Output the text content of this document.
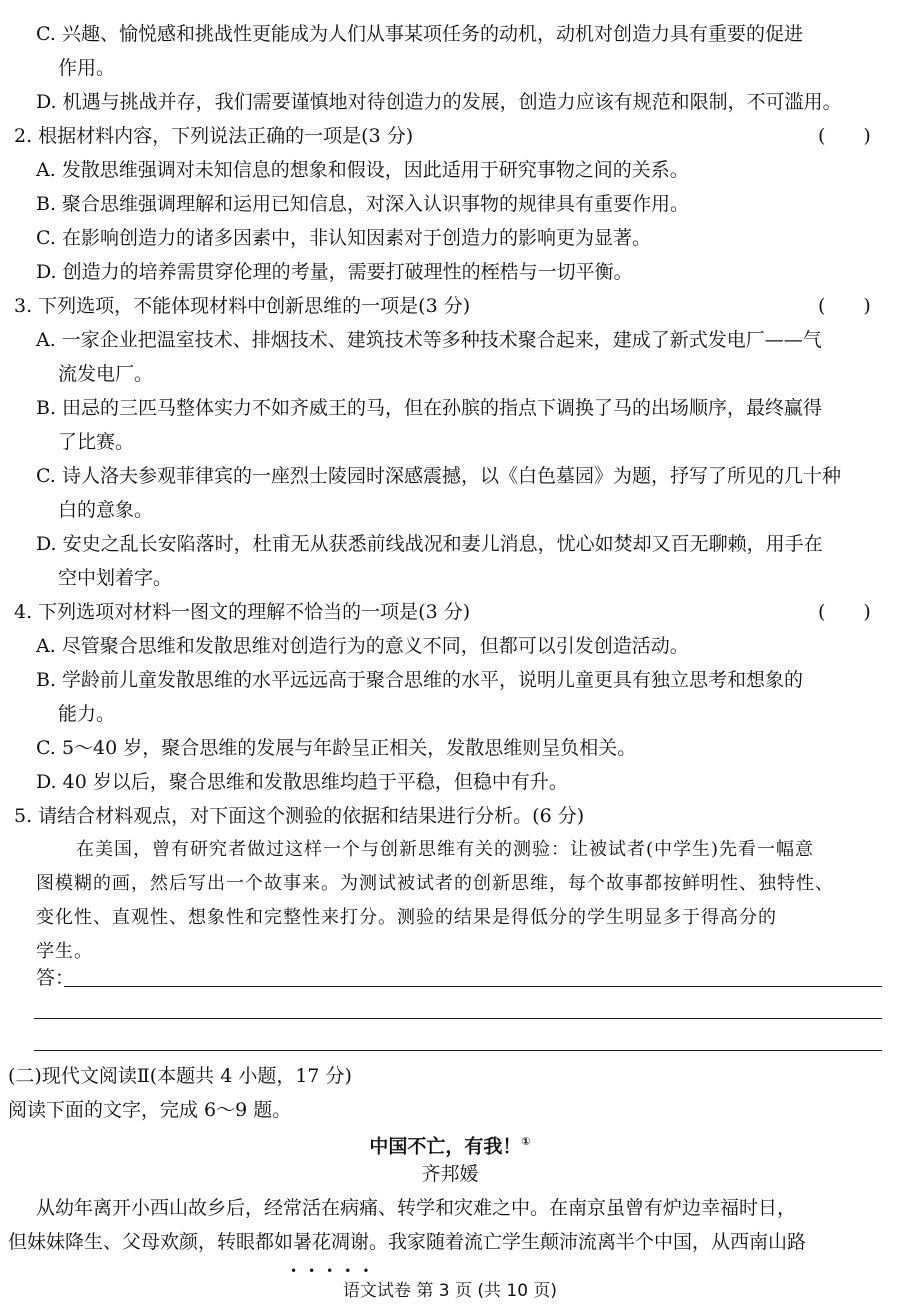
C. 兴趣、愉悦感和挑战性更能成为人们从事某项任务的动机，动机对创造力具有重要的促进
作用。
D. 机遇与挑战并存，我们需要谨慎地对待创造力的发展，创造力应该有规范和限制，不可滥用。
2. 根据材料内容，下列说法正确的一项是(3 分)	(　　)
A. 发散思维强调对未知信息的想象和假设，因此适用于研究事物之间的关系。
B. 聚合思维强调理解和运用已知信息，对深入认识事物的规律具有重要作用。
C. 在影响创造力的诸多因素中，非认知因素对于创造力的影响更为显著。
D. 创造力的培养需贯穿伦理的考量，需要打破理性的桎梏与一切平衡。
3. 下列选项，不能体现材料中创新思维的一项是(3 分)	(　　)
A. 一家企业把温室技术、排烟技术、建筑技术等多种技术聚合起来，建成了新式发电厂——气
流发电厂。
B. 田忌的三匹马整体实力不如齐威王的马，但在孙膑的指点下调换了马的出场顺序，最终赢得
了比赛。
C. 诗人洛夫参观菲律宾的一座烈士陵园时深感震撼，以《白色墓园》为题，抒写了所见的几十种
白的意象。
D. 安史之乱长安陷落时，杜甫无从获悉前线战况和妻儿消息，忧心如焚却又百无聊赖，用手在
空中划着字。
4. 下列选项对材料一图文的理解不恰当的一项是(3 分)	(　　)
A. 尽管聚合思维和发散思维对创造行为的意义不同，但都可以引发创造活动。
B. 学龄前儿童发散思维的水平远远高于聚合思维的水平，说明儿童更具有独立思考和想象的
能力。
C. 5～40 岁，聚合思维的发展与年龄呈正相关，发散思维则呈负相关。
D. 40 岁以后，聚合思维和发散思维均趋于平稳，但稳中有升。
5. 请结合材料观点，对下面这个测验的依据和结果进行分析。(6 分)
在美国，曾有研究者做过这样一个与创新思维有关的测验：让被试者(中学生)先看一幅意
图模糊的画，然后写出一个故事来。为测试被试者的创新思维，每个故事都按鲜明性、独特性、
变化性、直观性、想象性和完整性来打分。测验的结果是得低分的学生明显多于得高分的
学生。
答：
(二)现代文阅读Ⅱ(本题共 4 小题，17 分)
阅读下面的文字，完成 6～9 题。
中国不亡，有我！①
齐邦媛
从幼年离开小西山故乡后，经常活在病痛、转学和灾难之中。在南京虽曾有炉边幸福时日，
但妹妹降生、父母欢颜，转眼都如暑花凋谢。我家随着流亡学生颠沛流离半个中国，从西南山路
•••••
语文试卷 第 3 页 (共 10 页)
